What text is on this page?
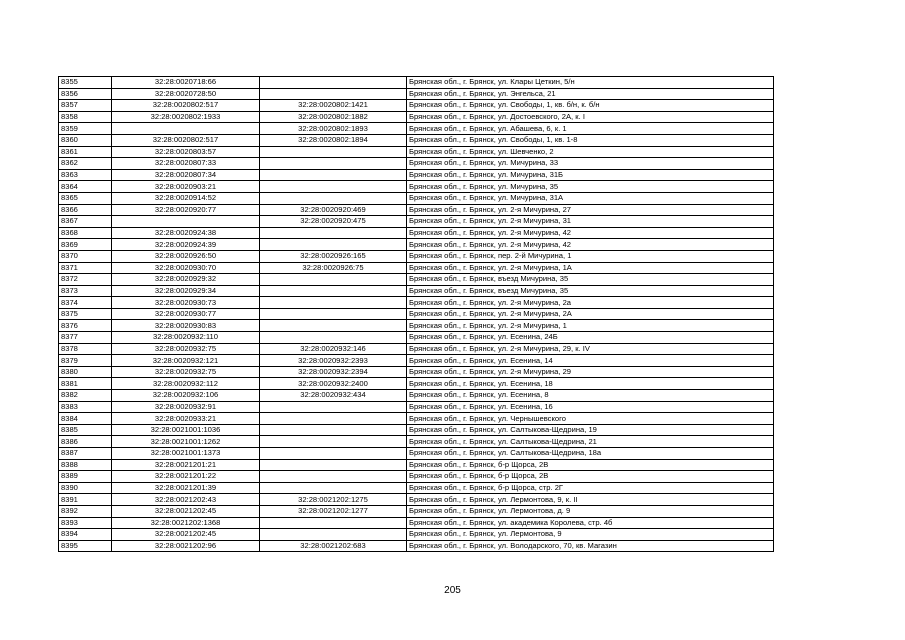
8355	32:28:0020718:66		Брянская обл., г. Брянск, ул. Клары Цеткин, 5/н
8356	32:28:0020728:50		Брянская обл., г. Брянск, ул. Энгельса, 21
8357	32:28:0020802:517	32:28:0020802:1421	Брянская обл., г. Брянск, ул. Свободы, 1, кв. б/н, к. б/н
8358	32:28:0020802:1933	32:28:0020802:1882	Брянская обл., г. Брянск, ул. Достоевского, 2А, к. I
8359		32:28:0020802:1893	Брянская обл., г. Брянск, ул. Абашева, 6, к. 1
8360	32:28:0020802:517	32:28:0020802:1894	Брянская обл., г. Брянск, ул. Свободы, 1, кв. 1-8
8361	32:28:0020803:57		Брянская обл., г. Брянск, ул. Шевченко, 2
8362	32:28:0020807:33		Брянская обл., г. Брянск, ул. Мичурина, 33
8363	32:28:0020807:34		Брянская обл., г. Брянск, ул. Мичурина, 31Б
8364	32:28:0020903:21		Брянская обл., г. Брянск, ул. Мичурина, 35
8365	32:28:0020914:52		Брянская обл., г. Брянск, ул. Мичурина, 31А
8366	32:28:0020920:77	32:28:0020920:469	Брянская обл., г. Брянск, ул. 2-я Мичурина, 27
8367		32:28:0020920:475	Брянская обл., г. Брянск, ул. 2-я Мичурина, 31
8368	32:28:0020924:38		Брянская обл., г. Брянск, ул. 2-я Мичурина, 42
8369	32:28:0020924:39		Брянская обл., г. Брянск, ул. 2-я Мичурина, 42
8370	32:28:0020926:50	32:28:0020926:165	Брянская обл., г. Брянск, пер. 2-й Мичурина, 1
8371	32:28:0020930:70	32:28:0020926:75	Брянская обл., г. Брянск, ул. 2-я Мичурина, 1А
8372	32:28:0020929:32		Брянская обл., г. Брянск, въезд Мичурина, 35
8373	32:28:0020929:34		Брянская обл., г. Брянск, въезд Мичурина, 35
8374	32:28:0020930:73		Брянская обл., г. Брянск, ул. 2-я Мичурина, 2а
8375	32:28:0020930:77		Брянская обл., г. Брянск, ул. 2-я Мичурина, 2А
8376	32:28:0020930:83		Брянская обл., г. Брянск, ул. 2-я Мичурина, 1
8377	32:28:0020932:110		Брянская обл., г. Брянск, ул. Есенина, 24Б
8378	32:28:0020932:75	32:28:0020932:146	Брянская обл., г. Брянск, ул. 2-я Мичурина, 29, к. IV
8379	32:28:0020932:121	32:28:0020932:2393	Брянская обл., г. Брянск, ул. Есенина, 14
8380	32:28:0020932:75	32:28:0020932:2394	Брянская обл., г. Брянск, ул. 2-я Мичурина, 29
8381	32:28:0020932:112	32:28:0020932:2400	Брянская обл., г. Брянск, ул. Есенина, 18
8382	32:28:0020932:106	32:28:0020932:434	Брянская обл., г. Брянск, ул. Есенина, 8
8383	32:28:0020932:91		Брянская обл., г. Брянск, ул. Есенина, 16
8384	32:28:0020933:21		Брянская обл., г. Брянск, ул. Чернышевского
8385	32:28:0021001:1036		Брянская обл., г. Брянск, ул. Салтыкова-Щедрина, 19
8386	32:28:0021001:1262		Брянская обл., г. Брянск, ул. Салтыкова-Щедрина, 21
8387	32:28:0021001:1373		Брянская обл., г. Брянск, ул. Салтыкова-Щедрина, 18а
8388	32:28:0021201:21		Брянская обл., г. Брянск, б-р Щорса, 2В
8389	32:28:0021201:22		Брянская обл., г. Брянск, б-р Щорса, 2В
8390	32:28:0021201:39		Брянская обл., г. Брянск, б-р Щорса, стр. 2Г
8391	32:28:0021202:43	32:28:0021202:1275	Брянская обл., г. Брянск, ул. Лермонтова, 9, к. II
8392	32:28:0021202:45	32:28:0021202:1277	Брянская обл., г. Брянск, ул. Лермонтова, д. 9
8393	32:28:0021202:1368		Брянская обл., г. Брянск, ул. академика Королева, стр. 4б
8394	32:28:0021202:45		Брянская обл., г. Брянск, ул. Лермонтова, 9
8395	32:28:0021202:96	32:28:0021202:683	Брянская обл., г. Брянск, ул. Володарского, 70, кв. Магазин
205
